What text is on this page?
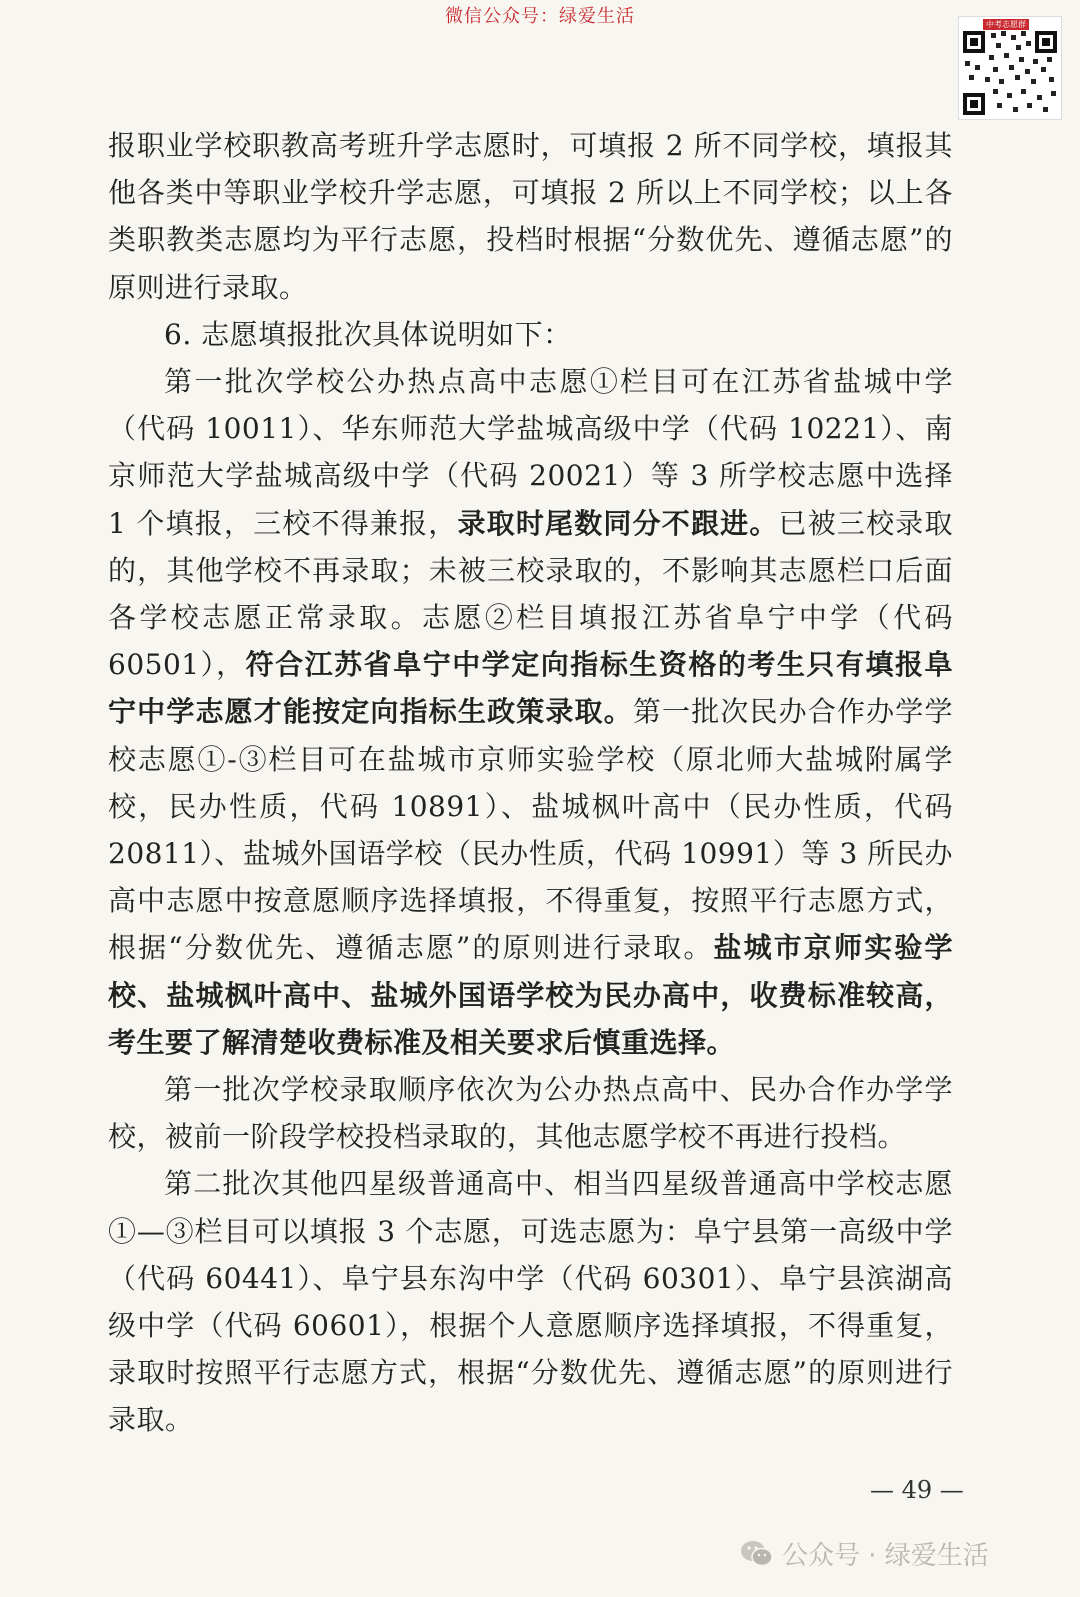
微信公众号：绿爱生活	中考志愿群

报职业学校职教高考班升学志愿时，可填报 2 所不同学校，填报其他各类中等职业学校升学志愿，可填报 2 所以上不同学校；以上各类职教类志愿均为平行志愿，投档时根据“分数优先、遵循志愿”的原则进行录取。

6. 志愿填报批次具体说明如下：

第一批次学校公办热点高中志愿①栏目可在江苏省盐城中学（代码 10011）、华东师范大学盐城高级中学（代码 10221）、南京师范大学盐城高级中学（代码 20021）等 3 所学校志愿中选择 1 个填报，三校不得兼报，录取时尾数同分不跟进。已被三校录取的，其他学校不再录取；未被三校录取的，不影响其志愿栏口后面各学校志愿正常录取。志愿②栏目填报江苏省阜宁中学（代码 60501），符合江苏省阜宁中学定向指标生资格的考生只有填报阜宁中学志愿才能按定向指标生政策录取。第一批次民办合作办学学校志愿①-③栏目可在盐城市京师实验学校（原北师大盐城附属学校，民办性质，代码 10891）、盐城枫叶高中（民办性质，代码 20811）、盐城外国语学校（民办性质，代码 10991）等 3 所民办高中志愿中按意愿顺序选择填报，不得重复，按照平行志愿方式，根据“分数优先、遵循志愿”的原则进行录取。盐城市京师实验学校、盐城枫叶高中、盐城外国语学校为民办高中，收费标准较高，考生要了解清楚收费标准及相关要求后慎重选择。

第一批次学校录取顺序依次为公办热点高中、民办合作办学学校，被前一阶段学校投档录取的，其他志愿学校不再进行投档。

第二批次其他四星级普通高中、相当四星级普通高中学校志愿①—③栏目可以填报 3 个志愿，可选志愿为：阜宁县第一高级中学（代码 60441）、阜宁县东沟中学（代码 60301）、阜宁县滨湖高级中学（代码 60601），根据个人意愿顺序选择填报，不得重复，录取时按照平行志愿方式，根据“分数优先、遵循志愿”的原则进行录取。

— 49 —
公众号 · 绿爱生活
